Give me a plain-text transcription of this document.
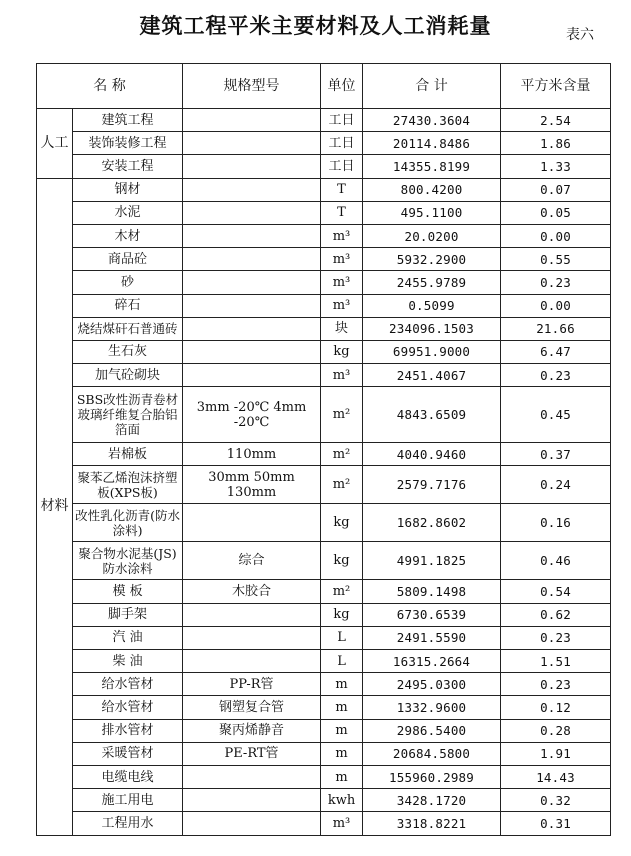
建筑工程平米主要材料及人工消耗量	表六
名 称		规格型号	单位	合 计	平方米含量
人工	建筑工程		工日	27430.3604	2.54
	装饰装修工程		工日	20114.8486	1.86
	安装工程		工日	14355.8199	1.33
材料	钢材		T	800.4200	0.07
	水泥		T	495.1100	0.05
	木材		m³	20.0200	0.00
	商品砼		m³	5932.2900	0.55
	砂		m³	2455.9789	0.23
	碎石		m³	0.5099	0.00
	烧结煤矸石普通砖		块	234096.1503	21.66
	生石灰		kg	69951.9000	6.47
	加气砼砌块		m³	2451.4067	0.23
	SBS改性沥青卷材玻璃纤维复合胎铝箔面	3mm -20℃ 4mm -20℃	m²	4843.6509	0.45
	岩棉板	110mm	m²	4040.9460	0.37
	聚苯乙烯泡沫挤塑板(XPS板)	30mm 50mm 130mm	m²	2579.7176	0.24
	改性乳化沥青(防水涂料)		kg	1682.8602	0.16
	聚合物水泥基(JS)防水涂料	综合	kg	4991.1825	0.46
	模 板	木胶合	m²	5809.1498	0.54
	脚手架		kg	6730.6539	0.62
	汽 油		L	2491.5590	0.23
	柴 油		L	16315.2664	1.51
	给水管材	PP-R管	m	2495.0300	0.23
	给水管材	钢塑复合管	m	1332.9600	0.12
	排水管材	聚丙烯静音	m	2986.5400	0.28
	采暖管材	PE-RT管	m	20684.5800	1.91
	电缆电线		m	155960.2989	14.43
	施工用电		kwh	3428.1720	0.32
	工程用水		m³	3318.8221	0.31
